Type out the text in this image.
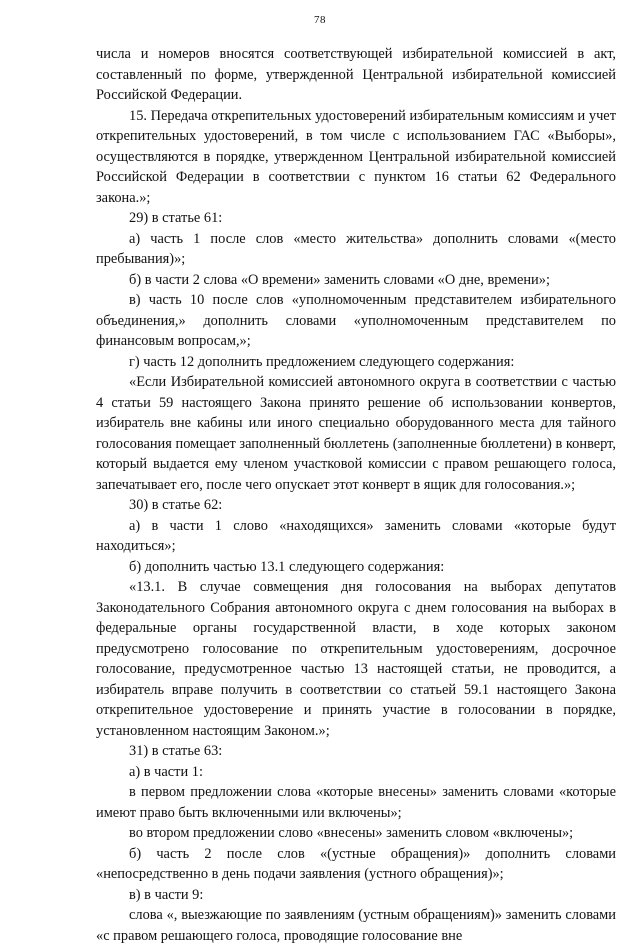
78

числа и номеров вносятся соответствующей избирательной комиссией в акт, составленный по форме, утвержденной Центральной избирательной комиссией Российской Федерации.

15. Передача открепительных удостоверений избирательным комиссиям и учет открепительных удостоверений, в том числе с использованием ГАС «Выборы», осуществляются в порядке, утвержденном Центральной избирательной комиссией Российской Федерации в соответствии с пунктом 16 статьи 62 Федерального закона.»;

29) в статье 61:

а) часть 1 после слов «место жительства» дополнить словами «(место пребывания)»;

б) в части 2 слова «О времени» заменить словами «О дне, времени»;

в) часть 10 после слов «уполномоченным представителем избирательного объединения,» дополнить словами «уполномоченным представителем по финансовым вопросам,»;

г) часть 12 дополнить предложением следующего содержания:

«Если Избирательной комиссией автономного округа в соответствии с частью 4 статьи 59 настоящего Закона принято решение об использовании конвертов, избиратель вне кабины или иного специально оборудованного места для тайного голосования помещает заполненный бюллетень (заполненные бюллетени) в конверт, который выдается ему членом участковой комиссии с правом решающего голоса, запечатывает его, после чего опускает этот конверт в ящик для голосования.»;

30) в статье 62:

а) в части 1 слово «находящихся» заменить словами «которые будут находиться»;

б) дополнить частью 13.1 следующего содержания:

«13.1. В случае совмещения дня голосования на выборах депутатов Законодательного Собрания автономного округа с днем голосования на выборах в федеральные органы государственной власти, в ходе которых законом предусмотрено голосование по открепительным удостоверениям, досрочное голосование, предусмотренное частью 13 настоящей статьи, не проводится, а избиратель вправе получить в соответствии со статьей 59.1 настоящего Закона открепительное удостоверение и принять участие в голосовании в порядке, установленном настоящим Законом.»;

31) в статье 63:

а) в части 1:

в первом предложении слова «которые внесены» заменить словами «которые имеют право быть включенными или включены»;

во втором предложении слово «внесены» заменить словом «включены»;

б) часть 2 после слов «(устные обращения)» дополнить словами «непосредственно в день подачи заявления (устного обращения)»;

в) в части 9:

слова «, выезжающие по заявлениям (устным обращениям)» заменить словами «с правом решающего голоса, проводящие голосование вне
